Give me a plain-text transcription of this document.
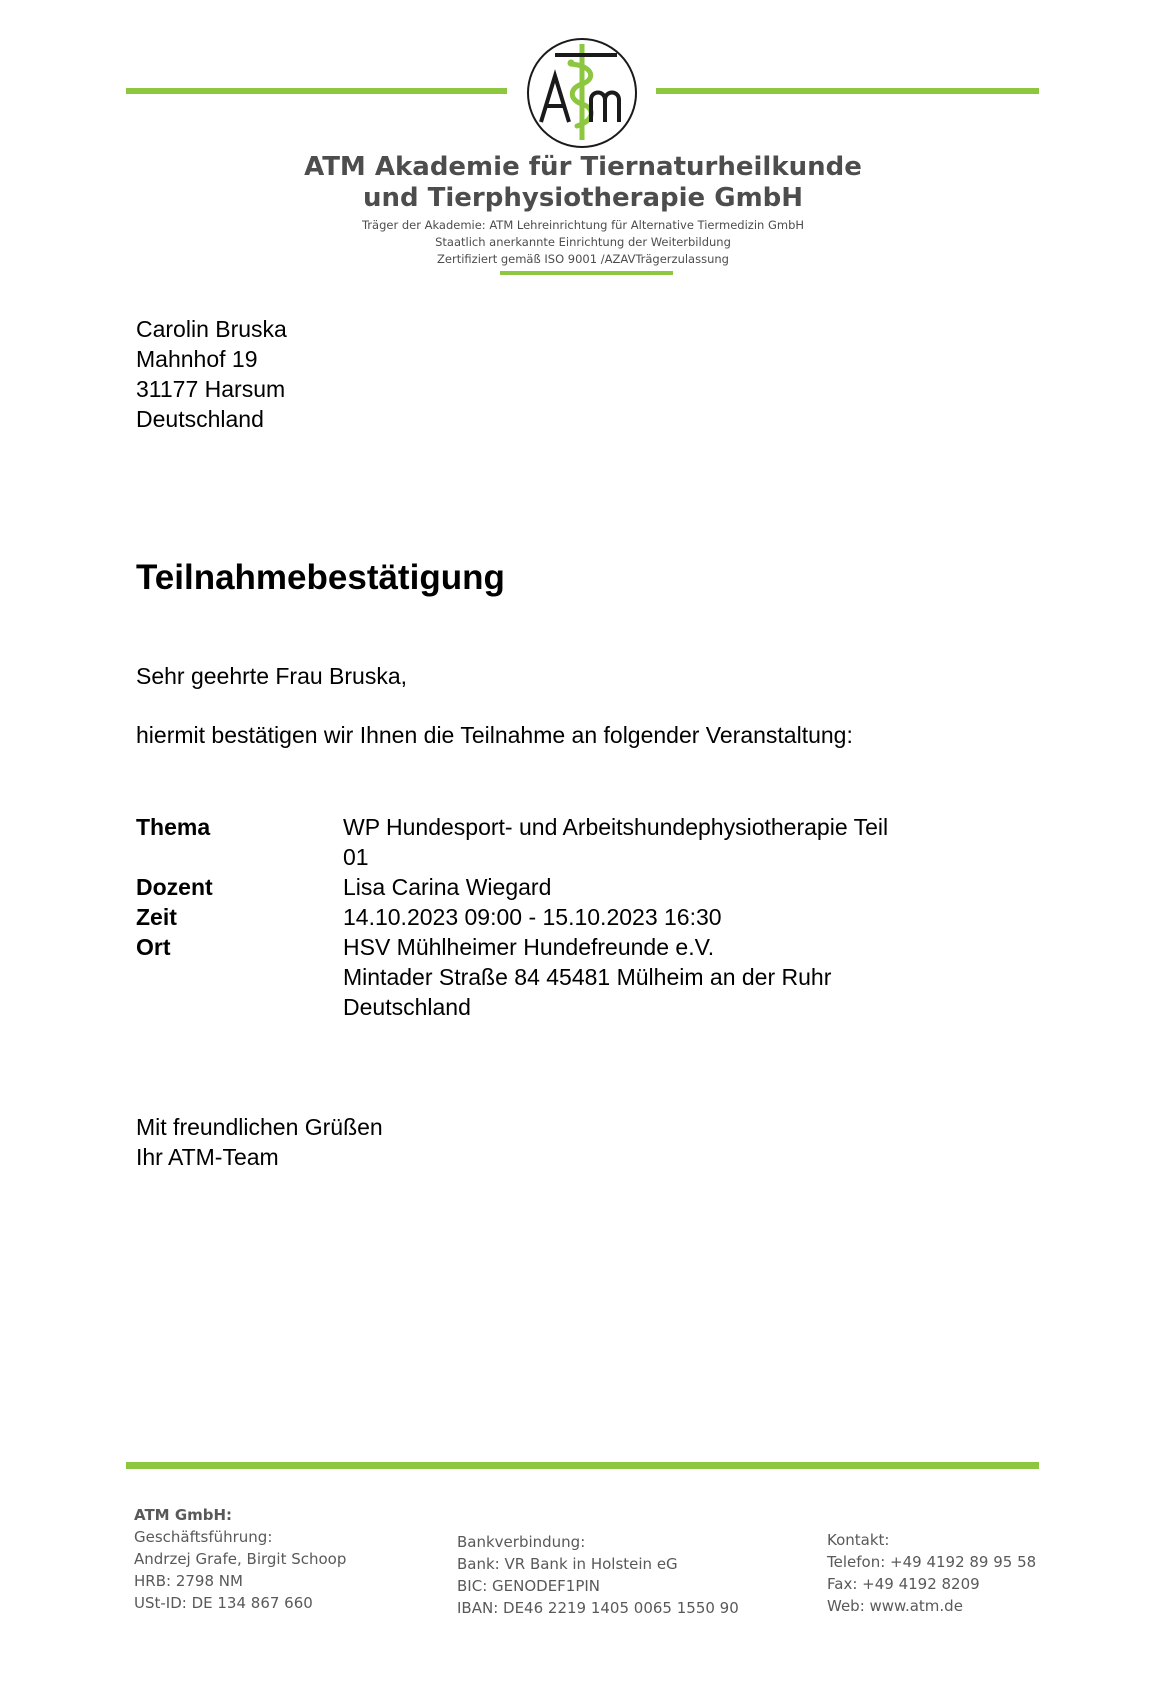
ATM Akademie für Tiernaturheilkunde
und Tierphysiotherapie GmbH
Träger der Akademie: ATM Lehreinrichtung für Alternative Tiermedizin GmbH
Staatlich anerkannte Einrichtung der Weiterbildung
Zertifiziert gemäß ISO 9001 /AZAVTrägerzulassung
Carolin Bruska
Mahnhof 19
31177 Harsum
Deutschland
Teilnahmebestätigung
Sehr geehrte Frau Bruska,
hiermit bestätigen wir Ihnen die Teilnahme an folgender Veranstaltung:
Thema	WP Hundesport- und Arbeitshundephysiotherapie Teil
01
Dozent	Lisa Carina Wiegard
Zeit	14.10.2023 09:00 - 15.10.2023 16:30
Ort	HSV Mühlheimer Hundefreunde e.V.
Mintader Straße 84 45481 Mülheim an der Ruhr
Deutschland
Mit freundlichen Grüßen
Ihr ATM-Team
ATM GmbH:
Geschäftsführung:
Andrzej Grafe, Birgit Schoop
HRB: 2798 NM
USt-ID: DE 134 867 660
Bankverbindung:
Bank: VR Bank in Holstein eG
BIC: GENODEF1PIN
IBAN: DE46 2219 1405 0065 1550 90
Kontakt:
Telefon: +49 4192 89 95 58
Fax: +49 4192 8209
Web: www.atm.de
